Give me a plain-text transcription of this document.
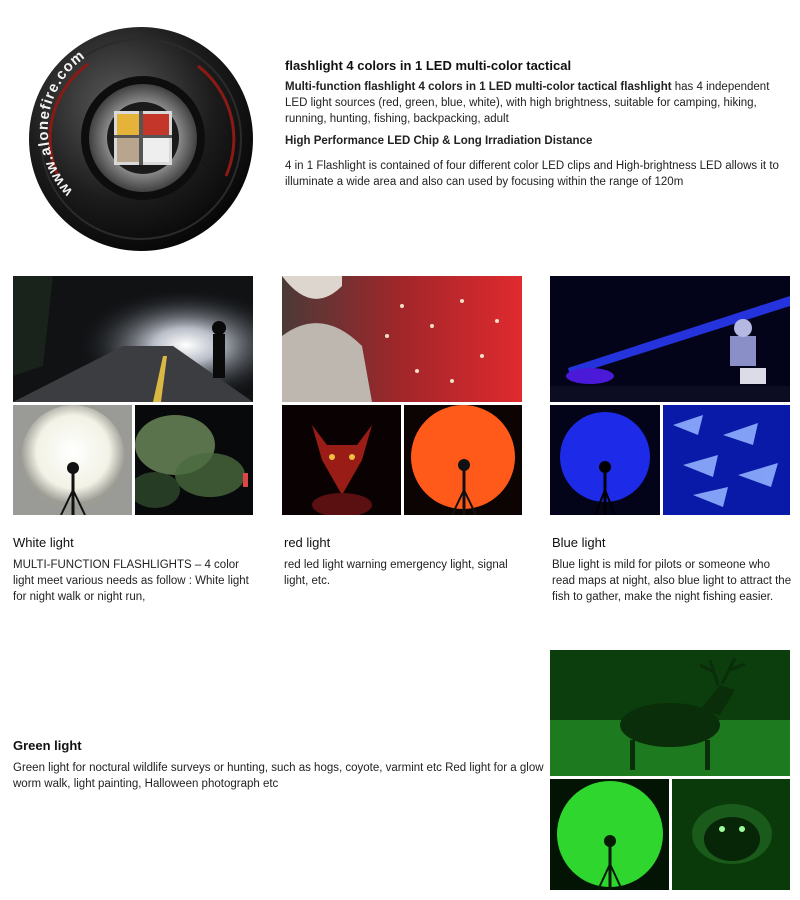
www.alonefire.com	flashlight 4 colors in 1 LED multi-color tactical

Multi-function flashlight 4 colors in 1 LED multi-color tactical flashlight has 4 independent LED light sources (red, green, blue, white), with high brightness, suitable for camping, hiking, running, hunting, fishing, backpacking, adult

High Performance LED Chip & Long Irradiation Distance

4 in 1 Flashlight is contained of four different color LED clips and High-brightness LED allows it to illuminate a wide area and also can used by focusing within the range of 120m

White light
MULTI-FUNCTION FLASHLIGHTS – 4 color light meet various needs as follow : White light for night walk or night run,
red light
red led light warning emergency light, signal light, etc.
Blue light
Blue light is mild for pilots or someone who read maps at night, also blue light to attract the fish to gather, make the night fishing easier.
Green light
Green light for noctural wildlife surveys or hunting, such as hogs, coyote, varmint etc Red light for a glow worm walk, light painting, Halloween photograph etc
